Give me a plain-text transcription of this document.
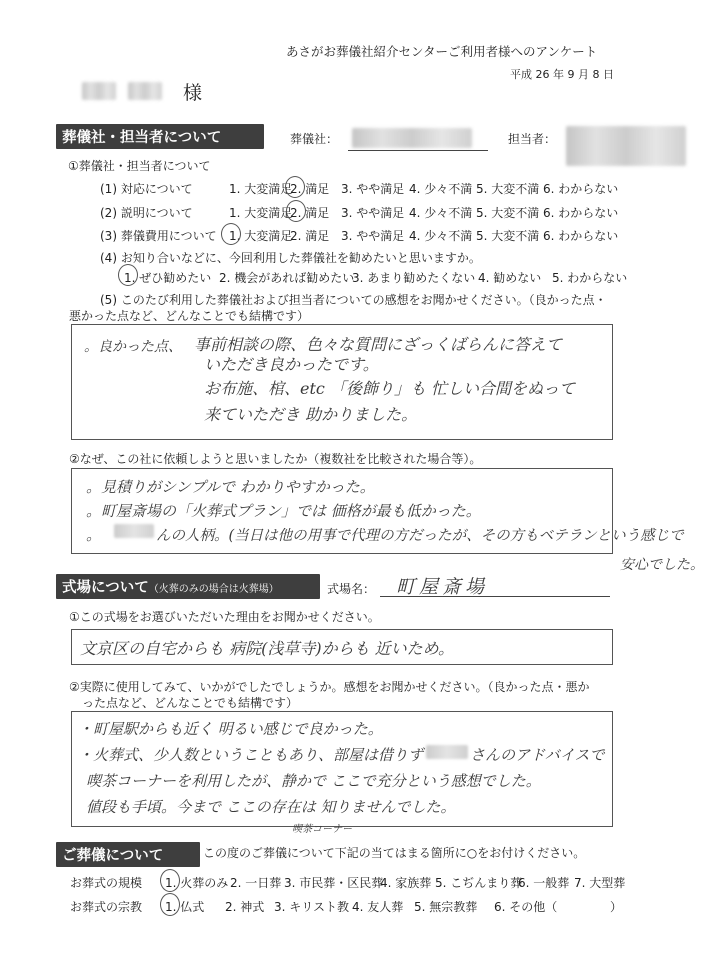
あさがお葬儀社紹介センターご利用者様へのアンケート
平成 26 年 9 月 8 日
様
葬儀社・担当者について	葬儀社：	担当者：
①葬儀社・担当者について
(1) 対応について	1. 大変満足
2. 満足 3. やや満足 4. 少々不満 5. 大変不満 6. わからない
(2) 説明について	1. 大変満足
2. 満足 3. やや満足 4. 少々不満 5. 大変不満 6. わからない
(3) 葬儀費用について 1. 大変満足
2. 満足 3. やや満足 4. 少々不満 5. 大変不満 6. わからない
(4) お知り合いなどに、今回利用した葬儀社を勧めたいと思いますか。
1. ぜひ勧めたい 2. 機会があれば勧めたい
3. あまり勧めたくない 4. 勧めない 5. わからない
(5) このたび利用した葬儀社および担当者についての感想をお聞かせください。（良かった点・
悪かった点など、どんなことでも結構です）
。良かった点、 事前相談の際、色々な質問にざっくばらんに答えて
いただき良かったです。
お布施、棺、etc 「後飾り」も 忙しい合間をぬって
来ていただき 助かりました。
②なぜ、この社に依頼しようと思いましたか（複数社を比較された場合等）。
。見積りがシンプルで わかりやすかった。
。町屋斎場の「火葬式プラン」では 価格が最も低かった。
。	んの人柄。(当日は他の用事で代理の方だったが、その方もベテランという感じで
安心でした。
式場について（火葬のみの場合は火葬場）	式場名： 町屋斎場
①この式場をお選びいただいた理由をお聞かせください。
文京区の自宅からも 病院(浅草寺)からも 近いため。
②実際に使用してみて、いかがでしたでしょうか。感想をお聞かせください。（良かった点・悪か
った点など、どんなことでも結構です）
・町屋駅からも近く 明るい感じで良かった。
・火葬式、少人数ということもあり、部屋は借りず	さんのアドバイスで
喫茶コーナーを利用したが、静かで ここで充分という感想でした。
値段も手頃。今まで ここの存在は 知りませんでした。
喫茶コーナー
ご葬儀について	この度のご葬儀について下記の当てはまる箇所に○をお付けください。
お葬式の規模 1. 火葬のみ 2. 一日葬 3. 市民葬・区民葬
4. 家族葬 5. こぢんまり葬
6. 一般葬 7. 大型葬
お葬式の宗教 1. 仏式 2. 神式 3. キリスト教 4. 友人葬 5. 無宗教葬 6. その他（	）
